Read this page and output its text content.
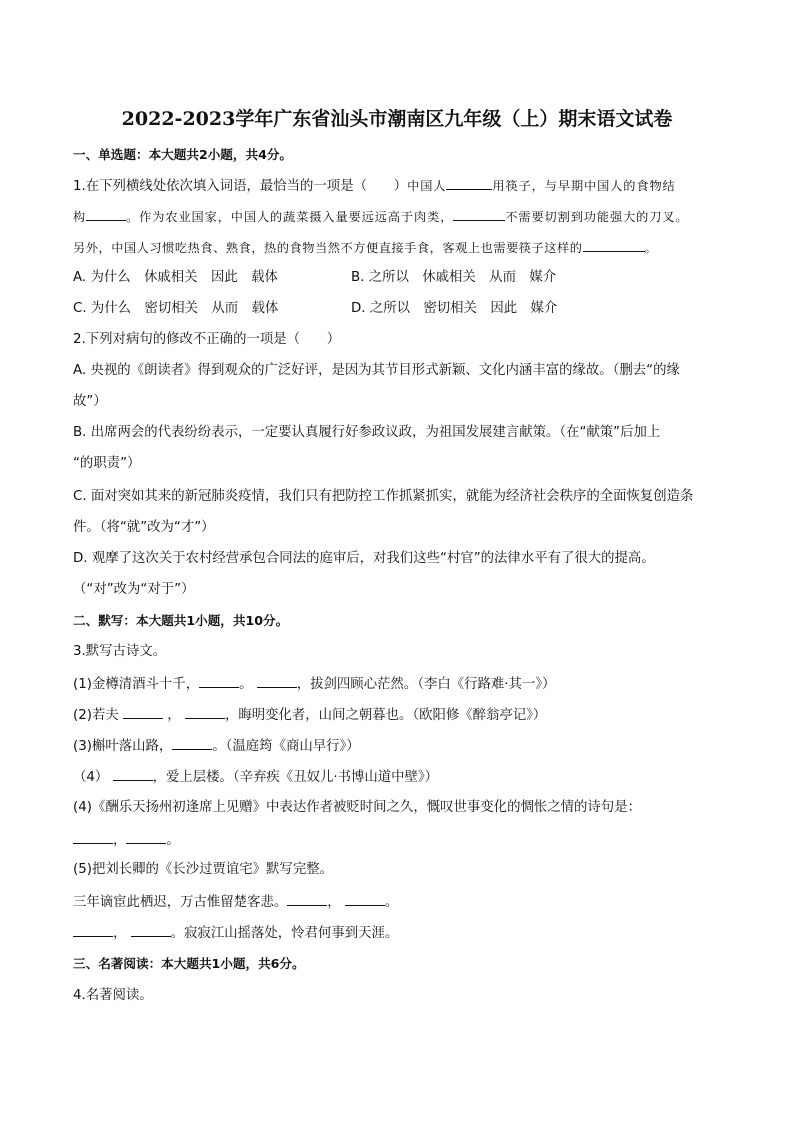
2022-2023学年广东省汕头市潮南区九年级（上）期末语文试卷
一、单选题：本大题共2小题，共4分。
1.在下列横线处依次填入词语，最恰当的一项是（　　）中国人	用筷子，与早期中国人的食物结
构	。作为农业国家，中国人的蔬菜摄入量要远远高于肉类，	不需要切割到功能强大的刀叉。
另外，中国人习惯吃热食、熟食，热的食物当然不方便直接手食，客观上也需要筷子这样的	。
A. 为什么　休戚相关　因此　载体	B. 之所以　休戚相关　从而　媒介
C. 为什么　密切相关　从而　载体	D. 之所以　密切相关　因此　媒介
2.下列对病句的修改不正确的一项是（　　）
A. 央视的《朗读者》得到观众的广泛好评，是因为其节目形式新颖、文化内涵丰富的缘故。（删去“的缘
故”）
B. 出席两会的代表纷纷表示，一定要认真履行好参政议政，为祖国发展建言献策。（在“献策”后加上
“的职责”）
C. 面对突如其来的新冠肺炎疫情，我们只有把防控工作抓紧抓实，就能为经济社会秩序的全面恢复创造条
件。（将“就”改为“才”）
D. 观摩了这次关于农村经营承包合同法的庭审后，对我们这些“村官”的法律水平有了很大的提高。
（“对”改为“对于”）
二、默写：本大题共1小题，共10分。
3.默写古诗文。
(1)金樽清酒斗十千，	。	，拔剑四顾心茫然。（李白《行路难·其一》）
(2)若夫	，	，晦明变化者，山间之朝暮也。（欧阳修《醉翁亭记》）
(3)槲叶落山路，	。（温庭筠《商山早行》）
（4）	，爱上层楼。（辛弃疾《丑奴儿·书博山道中壁》）
(4)《酬乐天扬州初逢席上见赠》中表达作者被贬时间之久，慨叹世事变化的惆怅之情的诗句是：
，	。
(5)把刘长卿的《长沙过贾谊宅》默写完整。
三年谪宦此栖迟，万古惟留楚客悲。	，	。
，	。寂寂江山摇落处，怜君何事到天涯。
三、名著阅读：本大题共1小题，共6分。
4.名著阅读。
